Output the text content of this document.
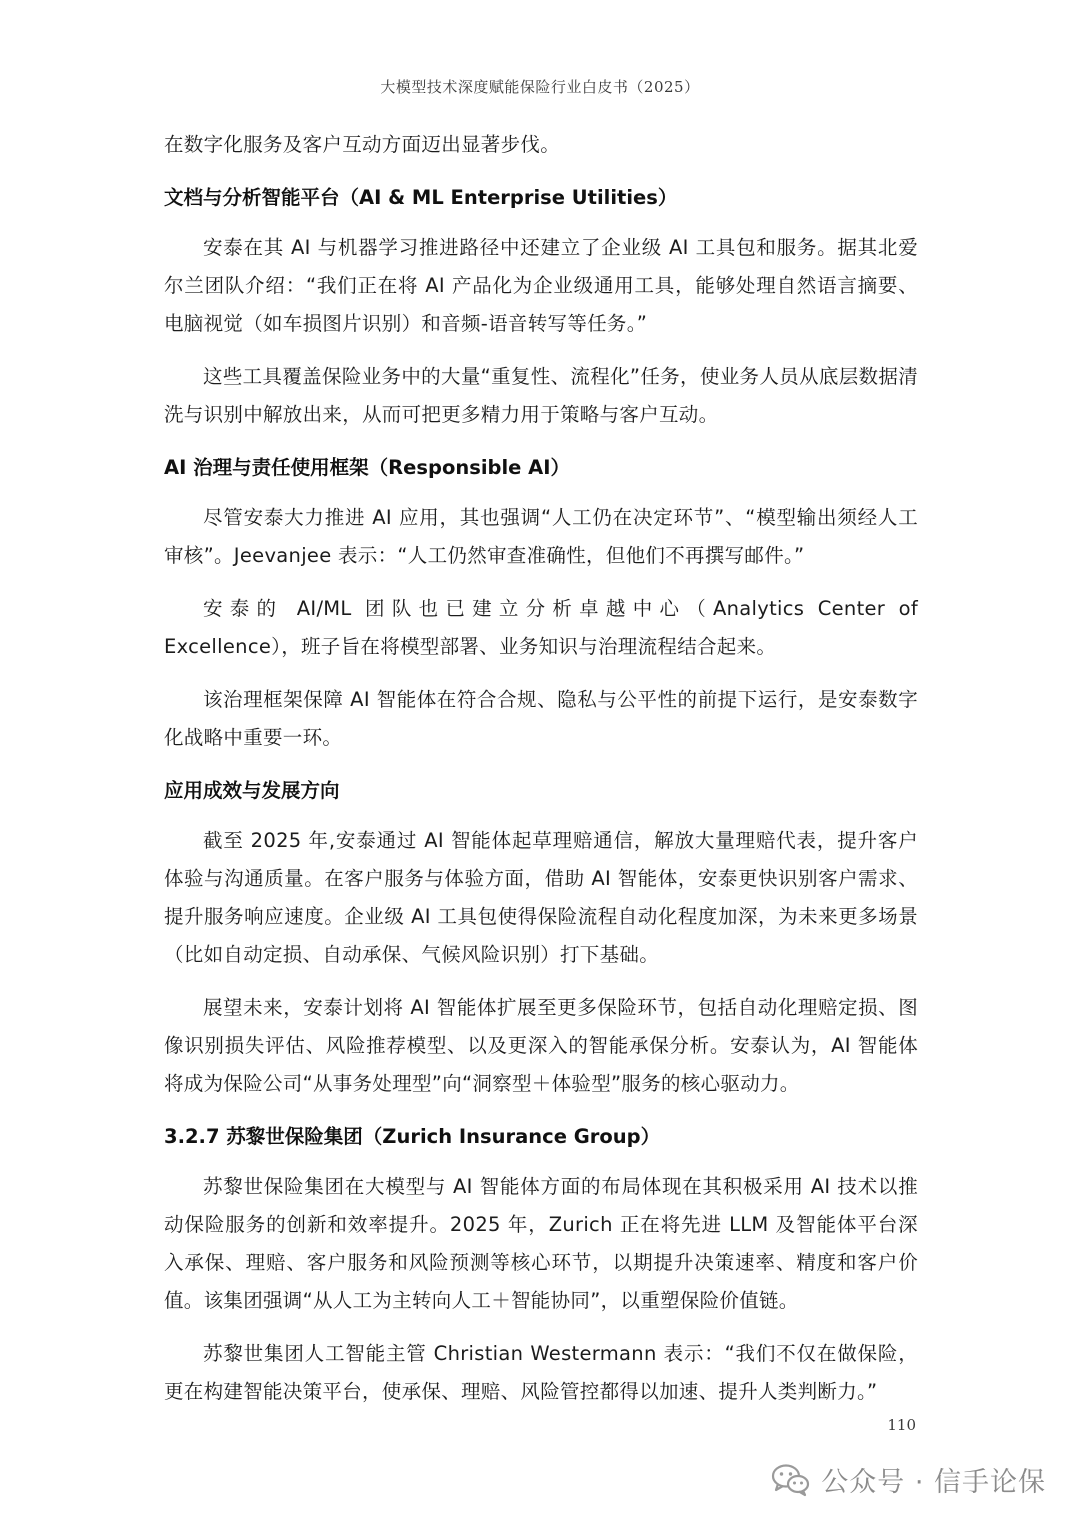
大模型技术深度赋能保险行业白皮书（2025）

在数字化服务及客户互动方面迈出显著步伐。

文档与分析智能平台（AI & ML Enterprise Utilities）

安泰在其 AI 与机器学习推进路径中还建立了企业级 AI 工具包和服务。据其北爱尔兰团队介绍：“我们正在将 AI 产品化为企业级通用工具，能够处理自然语言摘要、电脑视觉（如车损图片识别）和音频-语音转写等任务。”

这些工具覆盖保险业务中的大量“重复性、流程化”任务，使业务人员从底层数据清洗与识别中解放出来，从而可把更多精力用于策略与客户互动。

AI 治理与责任使用框架（Responsible AI）

尽管安泰大力推进 AI 应用，其也强调“人工仍在决定环节”、“模型输出须经人工审核”。Jeevanjee 表示：“人工仍然审查准确性，但他们不再撰写邮件。”

安泰的 AI/ML 团队也已建立分析卓越中心（Analytics Center of Excellence），班子旨在将模型部署、业务知识与治理流程结合起来。

该治理框架保障 AI 智能体在符合合规、隐私与公平性的前提下运行，是安泰数字化战略中重要一环。

应用成效与发展方向

截至 2025 年,安泰通过 AI 智能体起草理赔通信，解放大量理赔代表，提升客户体验与沟通质量。在客户服务与体验方面，借助 AI 智能体，安泰更快识别客户需求、提升服务响应速度。企业级 AI 工具包使得保险流程自动化程度加深，为未来更多场景（比如自动定损、自动承保、气候风险识别）打下基础。

展望未来，安泰计划将 AI 智能体扩展至更多保险环节，包括自动化理赔定损、图像识别损失评估、风险推荐模型、以及更深入的智能承保分析。安泰认为，AI 智能体将成为保险公司“从事务处理型”向“洞察型＋体验型”服务的核心驱动力。

3.2.7 苏黎世保险集团（Zurich Insurance Group）

苏黎世保险集团在大模型与 AI 智能体方面的布局体现在其积极采用 AI 技术以推动保险服务的创新和效率提升。2025 年，Zurich 正在将先进 LLM 及智能体平台深入承保、理赔、客户服务和风险预测等核心环节，以期提升决策速率、精度和客户价值。该集团强调“从人工为主转向人工＋智能协同”，以重塑保险价值链。

苏黎世集团人工智能主管 Christian Westermann 表示：“我们不仅在做保险，更在构建智能决策平台，使承保、理赔、风险管控都得以加速、提升人类判断力。”

110
公众号 · 信手论保
